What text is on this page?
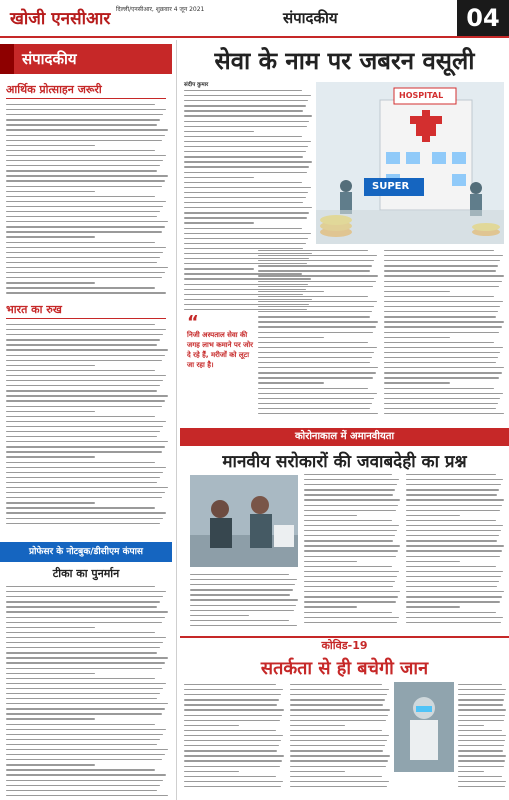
खोजी एनसीआर दिल्ली/एनसीआर, शुक्रवार 4 जून 2021	संपादकीय	04
संपादकीय
आर्थिक प्रोत्साहन जरूरी
भारत का रुख
प्रोफेसर के नोटबुक/डीसीएम कंपास
टीका का पुनर्मान
सेवा के नाम पर जबरन वसूली
संदीप कुमार
HOSPITAL
SUPER
“
निजी अस्पताल सेवा की जगह लाभ कमाने पर जोर दे रहे हैं, मरीजों को लूटा जा रहा है।
कोरोनाकाल में अमानवीयता
मानवीय सरोकारों की जवाबदेही का प्रश्न
कोविड-19
सतर्कता से ही बचेगी जान
